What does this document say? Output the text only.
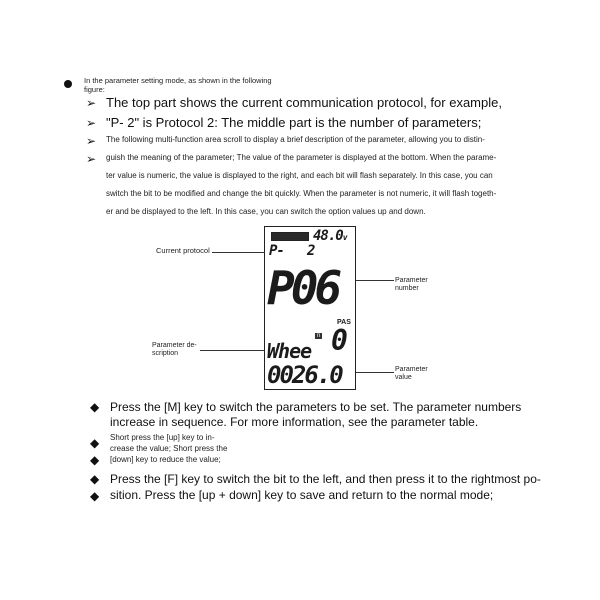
In the parameter setting mode, as shown in the following
figure:
➢ The top part shows the current communication protocol, for example,
➢ "P- 2" is Protocol 2: The middle part is the number of parameters;
➢ The following multi-function area scroll to display a brief description of the parameter, allowing you to distin-
➢ guish the meaning of the parameter; The value of the parameter is displayed at the bottom. When the parame-
ter value is numeric, the value is displayed to the right, and each bit will flash separately. In this case, you can
switch the bit to be modified and change the bit quickly. When the parameter is not numeric, it will flash togeth-
er and be displayed to the left. In this case, you can switch the option values up and down.
48.0v
P- 2
P06
PAS
n 0
Whee
0026.0
Current protocol
Parameter number
Parameter de- scription
Parameter value
◆ Press the [M] key to switch the parameters to be set. The parameter numbers
increase in sequence. For more information, see the parameter table.
◆ Short press the [up] key to in-
crease the value; Short press the
◆ [down] key to reduce the value;
◆ Press the [F] key to switch the bit to the left, and then press it to the rightmost po-
◆ sition. Press the [up + down] key to save and return to the normal mode;
